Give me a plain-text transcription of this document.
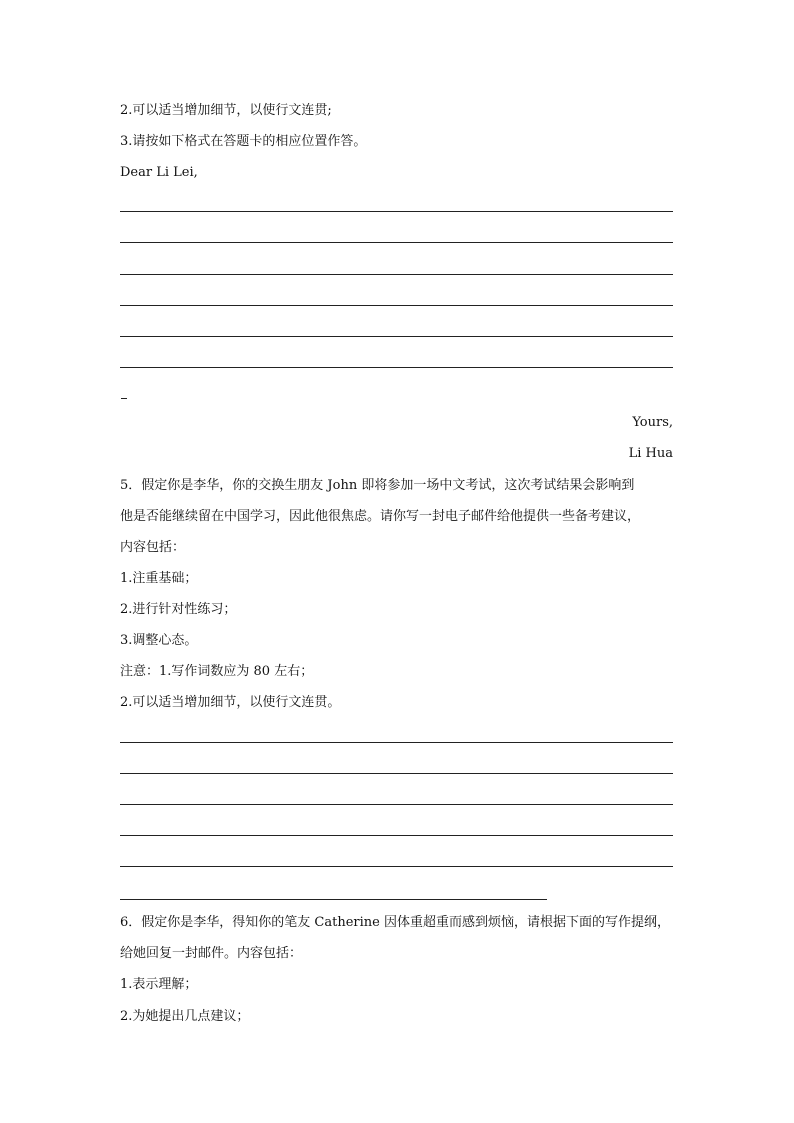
2.可以适当增加细节，以使行文连贯;
3.请按如下格式在答题卡的相应位置作答。
Dear Li Lei,
Yours,
Li Hua
5．假定你是李华，你的交换生朋友 John 即将参加一场中文考试，这次考试结果会影响到
他是否能继续留在中国学习，因此他很焦虑。请你写一封电子邮件给他提供一些备考建议，
内容包括：
1.注重基础；
2.进行针对性练习；
3.调整心态。
注意：1.写作词数应为 80 左右；
2.可以适当增加细节，以使行文连贯。
6．假定你是李华，得知你的笔友 Catherine 因体重超重而感到烦恼，请根据下面的写作提纲，
给她回复一封邮件。内容包括：
1.表示理解；
2.为她提出几点建议；
